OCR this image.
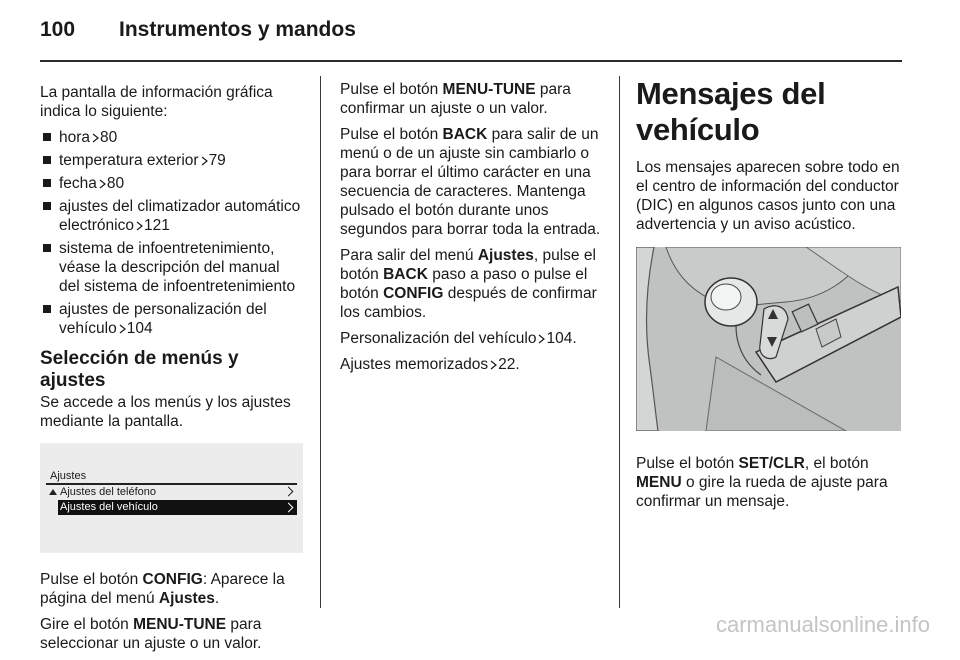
100 Instrumentos y mandos

La pantalla de información gráfica indica lo siguiente:

hora 80
temperatura exterior 79
fecha 80
ajustes del climatizador automático electrónico 121
sistema de infoentretenimiento, véase la descripción del manual del sistema de infoentretenimiento
ajustes de personalización del vehículo 104
Selección de menús y ajustes

Se accede a los menús y los ajustes mediante la pantalla.

Ajustes
Ajustes del teléfono
Ajustes del vehículo

Pulse el botón CONFIG: Aparece la página del menú Ajustes.

Gire el botón MENU-TUNE para seleccionar un ajuste o un valor.

Pulse el botón MENU-TUNE para confirmar un ajuste o un valor.

Pulse el botón BACK para salir de un menú o de un ajuste sin cambiarlo o para borrar el último carácter en una secuencia de caracteres. Mantenga pulsado el botón durante unos segundos para borrar toda la entrada.

Para salir del menú Ajustes, pulse el botón BACK paso a paso o pulse el botón CONFIG después de confirmar los cambios.

Personalización del vehículo 104.

Ajustes memorizados 22.

Mensajes del vehículo

Los mensajes aparecen sobre todo en el centro de información del conductor (DIC) en algunos casos junto con una advertencia y un aviso acústico.

Pulse el botón SET/CLR, el botón MENU o gire la rueda de ajuste para confirmar un mensaje.

carmanualsonline.info
